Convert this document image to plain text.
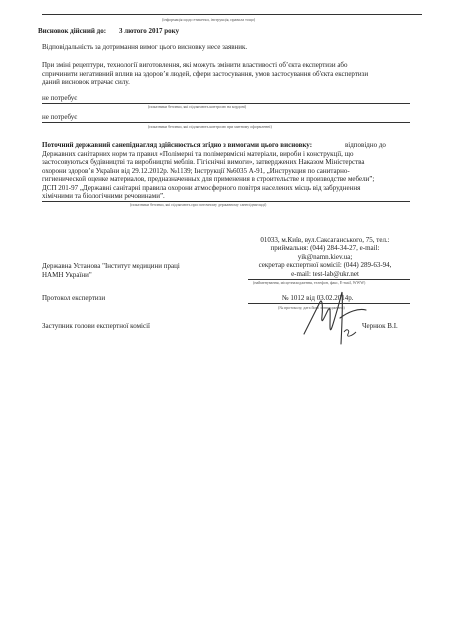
(інформація щодо етикетки, інструкція, правила тощо)
Висновок дійсний до: 3 лютого 2017 року
Відповідальність за дотримання вимог цього висновку несе заявник.
При зміні рецептури, технології виготовлення, які можуть змінити властивості об’єкта експертизи або
спричинити негативний вплив на здоров’я людей, сфери застосування, умов застосування об'єкта експертизи
даний висновок втрачає силу.
не потребує
(показники безпеки, які підлягають контролю на кордоні)
не потребує
(показники безпеки, які підлягають контролю при митному оформленні)
Поточний державний санепіднагляд здійснюється згідно з вимогами цього висновку:	відповідно до
Державних санітарних норм та правил «Полімерні та полімервмісні матеріали, вироби і конструкції, що
застосовуються будівництві та виробництві меблів. Гігієнічні вимоги», затверджених Наказом Міністерства
охорони здоров’я України від 29.12.2012р. №1139; Інструкції №6035 А-91, „Инструкция по санитарно-
гигиенической оценке материалов, предназначенных для применения в строительстве и производстве мебели”;
ДСП 201-97 „Державні санітарні правила охорони атмосферного повітря населених місць від забруднення
хімічними та біологічними речовинами”.
(показники безпеки, які підлягають при поточному державному санепіднагляді)
01033, м.Київ, вул.Саксаганського, 75, тел.:
приймальня: (044) 284-34-27, e-mail:
yik@namn.kiev.ua;
секретар експертної комісії: (044) 289-63-94,
e-mail: test-lab@ukr.net
(найменування, місцезнаходження, телефон, факс, E-mail, WWW)
Державна Установа "Інститут медицини праці
НАМН України"
Протокол експертизи	№ 1012 від 03.02.2014р.
(№ протоколу, дата його затвердження)
Заступник голови експертної комісії	Чернюк В.І.
